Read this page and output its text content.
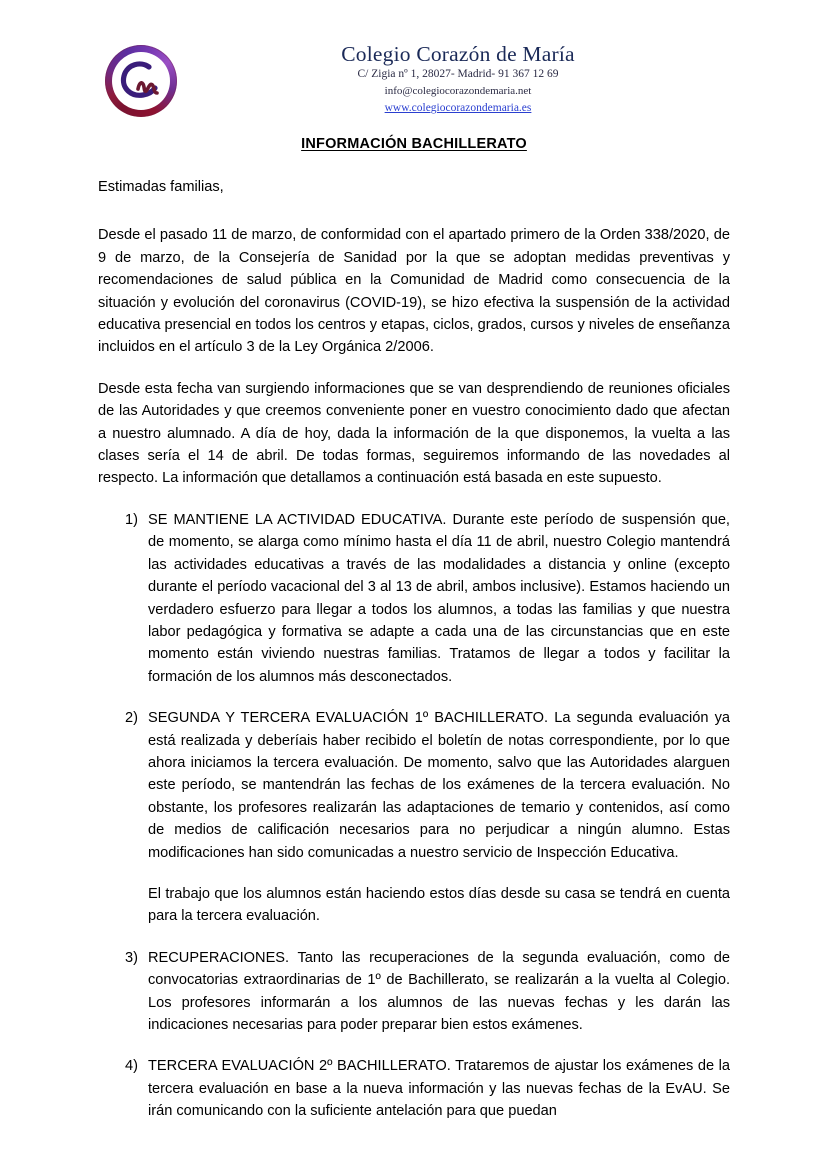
Colegio Corazón de María
C/ Zigia nº 1, 28027- Madrid- 91 367 12 69
info@colegiocorazondemaria.net
www.colegiocorazondemaria.es
INFORMACIÓN BACHILLERATO

Estimadas familias,

Desde el pasado 11 de marzo, de conformidad con el apartado primero de la Orden 338/2020, de 9 de marzo, de la Consejería de Sanidad por la que se adoptan medidas preventivas y recomendaciones de salud pública en la Comunidad de Madrid como consecuencia de la situación y evolución del coronavirus (COVID-19), se hizo efectiva la suspensión de la actividad educativa presencial en todos los centros y etapas, ciclos, grados, cursos y niveles de enseñanza incluidos en el artículo 3 de la Ley Orgánica 2/2006.

Desde esta fecha van surgiendo informaciones que se van desprendiendo de reuniones oficiales de las Autoridades y que creemos conveniente poner en vuestro conocimiento dado que afectan a nuestro alumnado. A día de hoy, dada la información de la que disponemos, la vuelta a las clases sería el 14 de abril. De todas formas, seguiremos informando de las novedades al respecto. La información que detallamos a continuación está basada en este supuesto.

1) SE MANTIENE LA ACTIVIDAD EDUCATIVA. Durante este período de suspensión que, de momento, se alarga como mínimo hasta el día 11 de abril, nuestro Colegio mantendrá las actividades educativas a través de las modalidades a distancia y online (excepto durante el período vacacional del 3 al 13 de abril, ambos inclusive). Estamos haciendo un verdadero esfuerzo para llegar a todos los alumnos, a todas las familias y que nuestra labor pedagógica y formativa se adapte a cada una de las circunstancias que en este momento están viviendo nuestras familias. Tratamos de llegar a todos y facilitar la formación de los alumnos más desconectados.
2) SEGUNDA Y TERCERA EVALUACIÓN 1º BACHILLERATO. La segunda evaluación ya está realizada y deberíais haber recibido el boletín de notas correspondiente, por lo que ahora iniciamos la tercera evaluación. De momento, salvo que las Autoridades alarguen este período, se mantendrán las fechas de los exámenes de la tercera evaluación. No obstante, los profesores realizarán las adaptaciones de temario y contenidos, así como de medios de calificación necesarios para no perjudicar a ningún alumno. Estas modificaciones han sido comunicadas a nuestro servicio de Inspección Educativa.

El trabajo que los alumnos están haciendo estos días desde su casa se tendrá en cuenta para la tercera evaluación.

3) RECUPERACIONES. Tanto las recuperaciones de la segunda evaluación, como de convocatorias extraordinarias de 1º de Bachillerato, se realizarán a la vuelta al Colegio. Los profesores informarán a los alumnos de las nuevas fechas y les darán las indicaciones necesarias para poder preparar bien estos exámenes.
4) TERCERA EVALUACIÓN 2º BACHILLERATO. Trataremos de ajustar los exámenes de la tercera evaluación en base a la nueva información y las nuevas fechas de la EvAU. Se irán comunicando con la suficiente antelación para que puedan
